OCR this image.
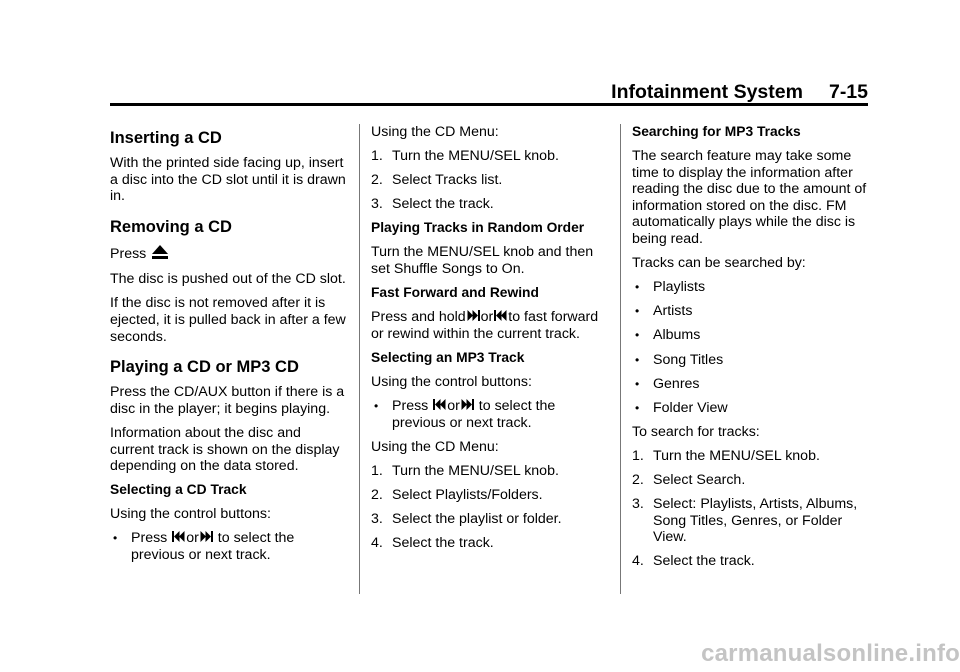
Infotainment System 7-15
Inserting a CD

With the printed side facing up, insert a disc into the CD slot until it is drawn in.

Removing a CD

Press

The disc is pushed out of the CD slot.

If the disc is not removed after it is ejected, it is pulled back in after a few seconds.

Playing a CD or MP3 CD

Press the CD/AUX button if there is a disc in the player; it begins playing.

Information about the disc and current track is shown on the display depending on the data stored.

Selecting a CD Track

Using the control buttons:

• Press or to select the previous or next track.

Using the CD Menu:

1. Turn the MENU/SEL knob.
2. Select Tracks list.
3. Select the track.
Playing Tracks in Random Order

Turn the MENU/SEL knob and then set Shuffle Songs to On.

Fast Forward and Rewind

Press and hold or to fast forward or rewind within the current track.

Selecting an MP3 Track

Using the control buttons:

• Press or to select the previous or next track.

Using the CD Menu:

1. Turn the MENU/SEL knob.
2. Select Playlists/Folders.
3. Select the playlist or folder.
4. Select the track.
Searching for MP3 Tracks

The search feature may take some time to display the information after reading the disc due to the amount of information stored on the disc. FM automatically plays while the disc is being read.

Tracks can be searched by:

• Playlists
• Artists
• Albums
• Song Titles
• Genres
• Folder View

To search for tracks:

1. Turn the MENU/SEL knob.
2. Select Search.
3. Select: Playlists, Artists, Albums, Song Titles, Genres, or Folder View.
4. Select the track.
carmanualsonline.info
